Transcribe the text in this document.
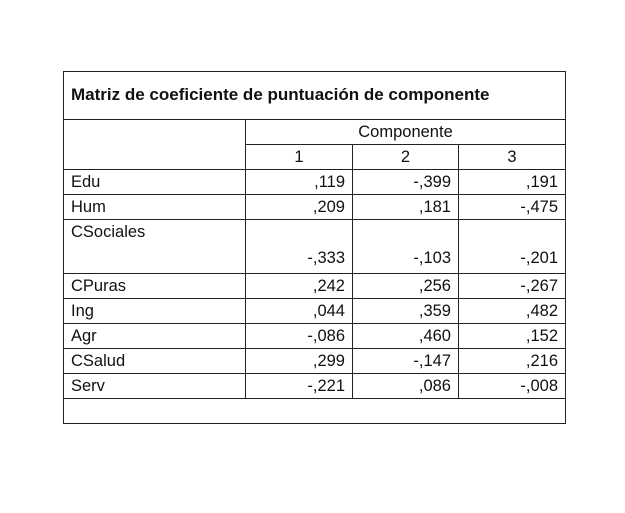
Matriz de coeficiente de puntuación de componente			
	Componente		
	1	2	3
Edu	,119	-,399	,191
Hum	,209	,181	-,475
CSociales	-,333	-,103	-,201
CPuras	,242	,256	-,267
Ing	,044	,359	,482
Agr	-,086	,460	,152
CSalud	,299	-,147	,216
Serv	-,221	,086	-,008
